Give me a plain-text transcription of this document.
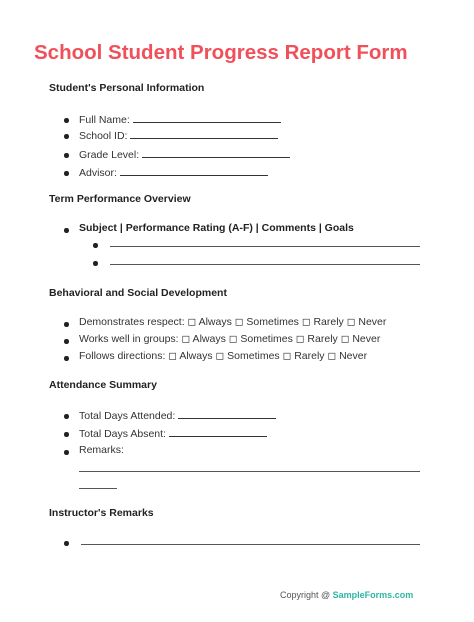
School Student Progress Report Form
Student's Personal Information
Full Name:
School ID:
Grade Level:
Advisor:
Term Performance Overview
Subject | Performance Rating (A-F) | Comments | Goals
Behavioral and Social Development
Demonstrates respect: ◻ Always ◻ Sometimes ◻ Rarely ◻ Never
Works well in groups: ◻ Always ◻ Sometimes ◻ Rarely ◻ Never
Follows directions: ◻ Always ◻ Sometimes ◻ Rarely ◻ Never
Attendance Summary
Total Days Attended:
Total Days Absent:
Remarks:
Instructor's Remarks
Copyright @ SampleForms.com
